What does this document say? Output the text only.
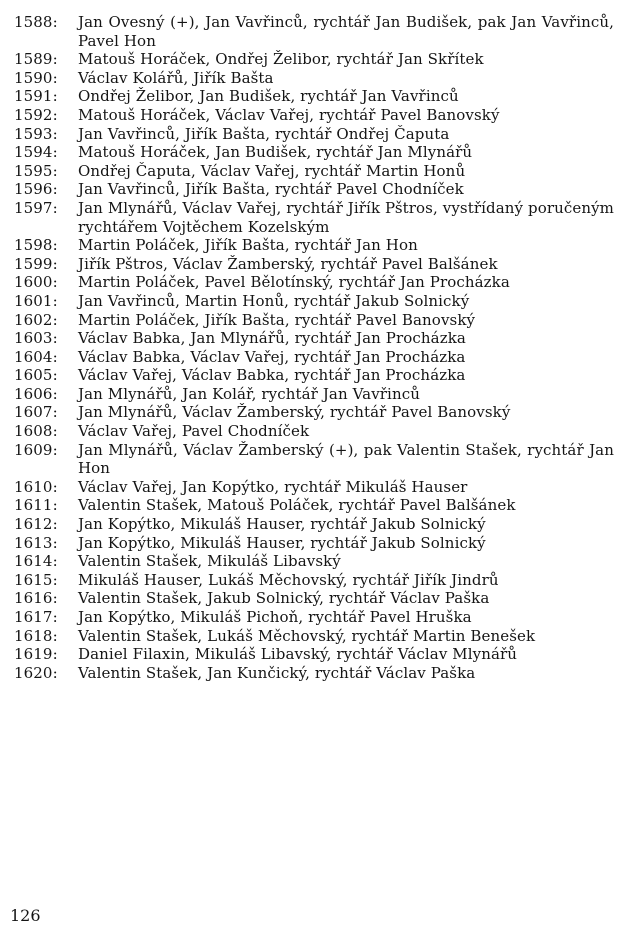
1588:	Jan Ovesný (+), Jan Vavřinců, rychtář Jan Budišek, pak Jan Vavřinců, Pavel Hon
1589:	Matouš Horáček, Ondřej Želibor, rychtář Jan Skřítek
1590:	Václav Kolářů, Jiřík Bašta
1591:	Ondřej Želibor, Jan Budišek, rychtář Jan Vavřinců
1592:	Matouš Horáček, Václav Vařej, rychtář Pavel Banovský
1593:	Jan Vavřinců, Jiřík Bašta, rychtář Ondřej Čaputa
1594:	Matouš Horáček, Jan Budišek, rychtář Jan Mlynářů
1595:	Ondřej Čaputa, Václav Vařej, rychtář Martin Honů
1596:	Jan Vavřinců, Jiřík Bašta, rychtář Pavel Chodníček
1597:	Jan Mlynářů, Václav Vařej, rychtář Jiřík Pštros, vystřídaný poručeným rychtářem Vojtěchem Kozelským
1598:	Martin Poláček, Jiřík Bašta, rychtář Jan Hon
1599:	Jiřík Pštros, Václav Žamberský, rychtář Pavel Balšánek
1600:	Martin Poláček, Pavel Bělotínský, rychtář Jan Procházka
1601:	Jan Vavřinců, Martin Honů, rychtář Jakub Solnický
1602:	Martin Poláček, Jiřík Bašta, rychtář Pavel Banovský
1603:	Václav Babka, Jan Mlynářů, rychtář Jan Procházka
1604:	Václav Babka, Václav Vařej, rychtář Jan Procházka
1605:	Václav Vařej, Václav Babka, rychtář Jan Procházka
1606:	Jan Mlynářů, Jan Kolář, rychtář Jan Vavřinců
1607:	Jan Mlynářů, Václav Žamberský, rychtář Pavel Banovský
1608:	Václav Vařej, Pavel Chodníček
1609:	Jan Mlynářů, Václav Žamberský (+), pak Valentin Stašek, rychtář Jan Hon
1610:	Václav Vařej, Jan Kopýtko, rychtář Mikuláš Hauser
1611:	Valentin Stašek, Matouš Poláček, rychtář Pavel Balšánek
1612:	Jan Kopýtko, Mikuláš Hauser, rychtář Jakub Solnický
1613:	Jan Kopýtko, Mikuláš Hauser, rychtář Jakub Solnický
1614:	Valentin Stašek, Mikuláš Libavský
1615:	Mikuláš Hauser, Lukáš Měchovský, rychtář Jiřík Jindrů
1616:	Valentin Stašek, Jakub Solnický, rychtář Václav Paška
1617:	Jan Kopýtko, Mikuláš Pichoň, rychtář Pavel Hruška
1618:	Valentin Stašek, Lukáš Měchovský, rychtář Martin Benešek
1619:	Daniel Filaxin, Mikuláš Libavský, rychtář Václav Mlynářů
1620:	Valentin Stašek, Jan Kunčický, rychtář Václav Paška
126
